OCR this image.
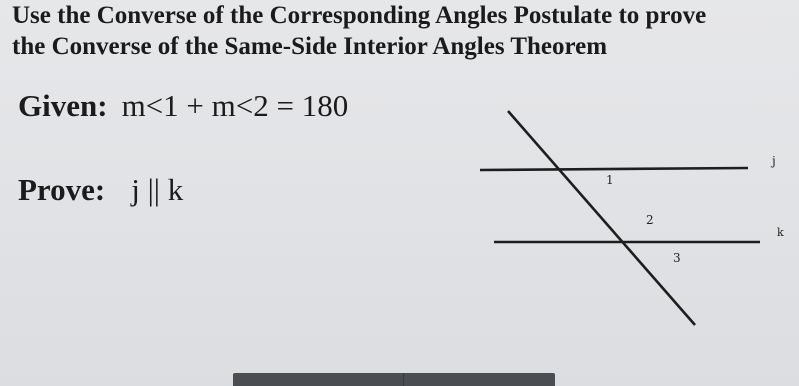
Use the Converse of the Corresponding Angles Postulate to prove
the Converse of the Same-Side Interior Angles Theorem
Given: m<1 + m<2 = 180
Prove: j || k
j
k
1
2
3
